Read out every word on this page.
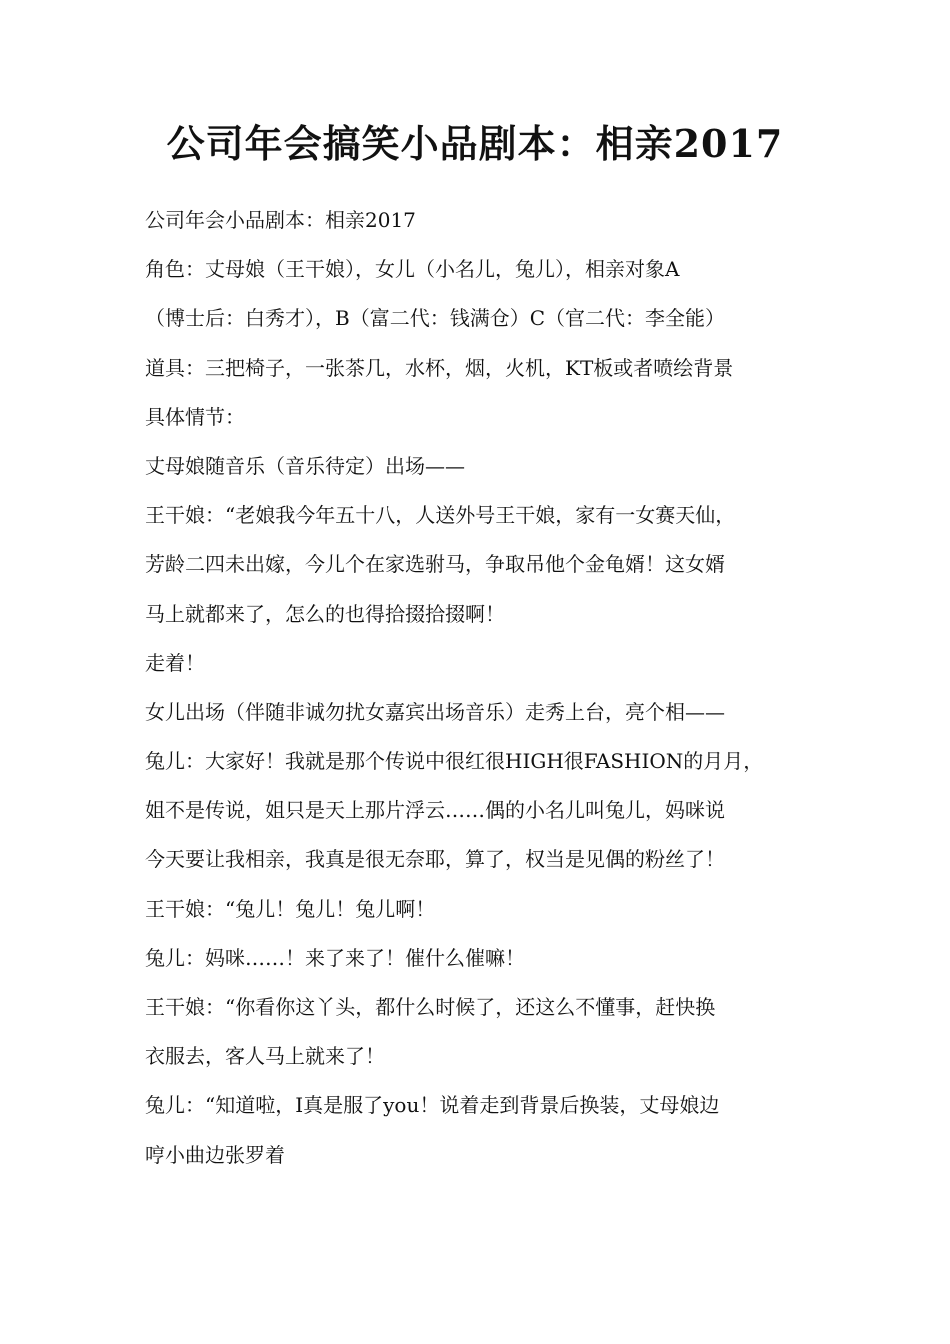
公司年会搞笑小品剧本：相亲2017
公司年会小品剧本：相亲2017
角色：丈母娘（王干娘），女儿（小名儿，兔儿），相亲对象A
（博士后：白秀才），B（富二代：钱满仓）C（官二代：李全能）
道具：三把椅子，一张茶几，水杯，烟，火机，KT板或者喷绘背景
具体情节：
丈母娘随音乐（音乐待定）出场——
王干娘：“老娘我今年五十八，人送外号王干娘，家有一女赛天仙，
芳龄二四未出嫁，今儿个在家选驸马，争取吊他个金龟婿！这女婿
马上就都来了，怎么的也得拾掇拾掇啊！
走着！
女儿出场（伴随非诚勿扰女嘉宾出场音乐）走秀上台，亮个相——
兔儿：大家好！我就是那个传说中很红很HIGH很FASHION的月月，
姐不是传说，姐只是天上那片浮云……偶的小名儿叫兔儿，妈咪说
今天要让我相亲，我真是很无奈耶，算了，权当是见偶的粉丝了！
王干娘：“兔儿！兔儿！兔儿啊！
兔儿：妈咪……！来了来了！催什么催嘛！
王干娘：“你看你这丫头，都什么时候了，还这么不懂事，赶快换
衣服去，客人马上就来了！
兔儿：“知道啦，I真是服了you！说着走到背景后换装，丈母娘边
哼小曲边张罗着
